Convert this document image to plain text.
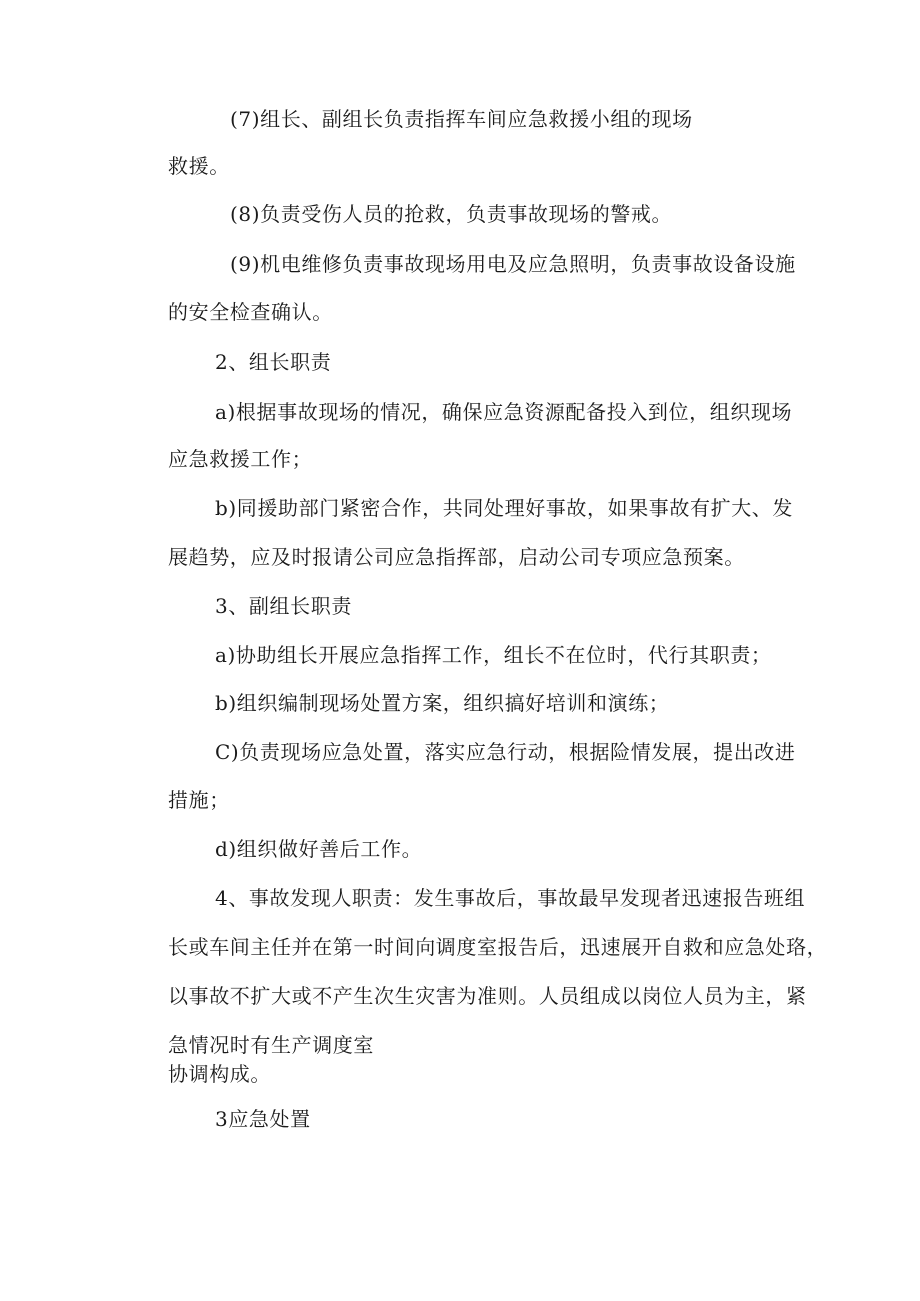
(7)组长、副组长负责指挥车间应急救援小组的现场
救援。
(8)负责受伤人员的抢救，负责事故现场的警戒。
(9)机电维修负责事故现场用电及应急照明，负责事故设备设施
的安全检查确认。
2、组长职责
a)根据事故现场的情况，确保应急资源配备投入到位，组织现场
应急救援工作；
b)同援助部门紧密合作，共同处理好事故，如果事故有扩大、发
展趋势，应及时报请公司应急指挥部，启动公司专项应急预案。
3、副组长职责
a)协助组长开展应急指挥工作，组长不在位时，代行其职责；
b)组织编制现场处置方案，组织搞好培训和演练；
C)负责现场应急处置，落实应急行动，根据险情发展，提出改进
措施；
d)组织做好善后工作。
4、事故发现人职责：发生事故后，事故最早发现者迅速报告班组
长或车间主任并在第一时间向调度室报告后，迅速展开自救和应急处珞，
以事故不扩大或不产生次生灾害为准则。人员组成以岗位人员为主，紧
急情况时有生产调度室
协调构成。
3应急处置
